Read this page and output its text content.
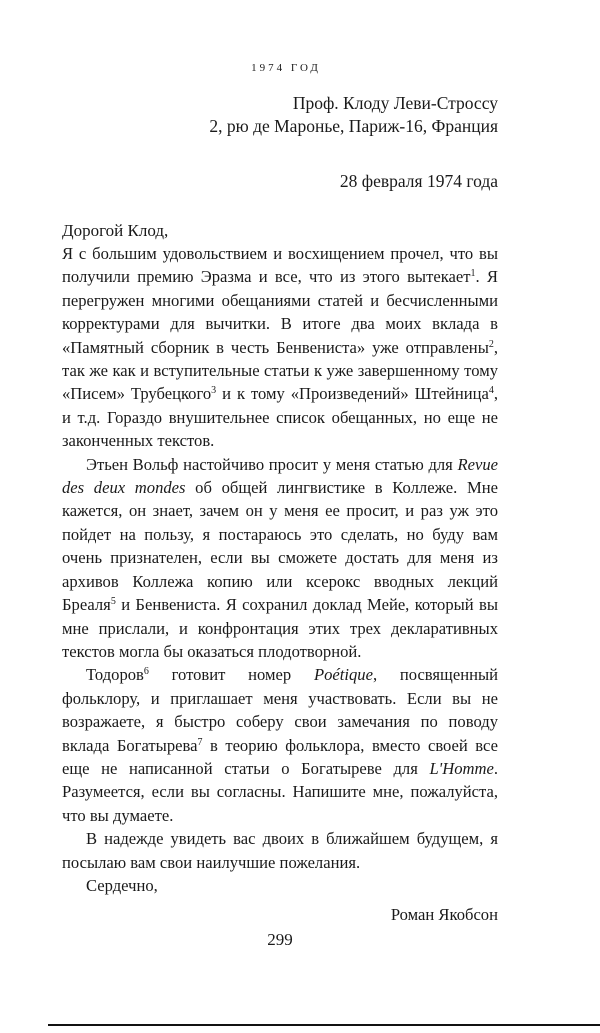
1974 ГОД
Проф. Клоду Леви-Строссу
2, рю де Маронье, Париж-16, Франция
28 февраля 1974 года
Дорогой Клод,

Я с большим удовольствием и восхищением прочел, что вы получили премию Эразма и все, что из этого вытекает$^1$. Я перегружен многими обещаниями статей и бесчисленными корректурами для вычитки. В итоге два моих вклада в «Памятный сборник в честь Бенвениста» уже отправлены$^2$, так же как и вступительные статьи к уже завершенному тому «Писем» Трубецкого$^3$ и к тому «Произведений» Штейница$^4$, и т.д. Гораздо внушительнее список обещанных, но еще не законченных текстов.

Этьен Вольф настойчиво просит у меня статью для Revue des deux mondes об общей лингвистике в Коллеже. Мне кажется, он знает, зачем он у меня ее просит, и раз уж это пойдет на пользу, я постараюсь это сделать, но буду вам очень признателен, если вы сможете достать для меня из архивов Коллежа копию или ксерокс вводных лекций Бреаля$^5$ и Бенвениста. Я сохранил доклад Мейе, который вы мне прислали, и конфронтация этих трех декларативных текстов могла бы оказаться плодотворной.

Тодоров$^6$ готовит номер Poétique, посвященный фольклору, и приглашает меня участвовать. Если вы не возражаете, я быстро соберу свои замечания по поводу вклада Богатырева$^7$ в теорию фольклора, вместо своей все еще не написанной статьи о Богатыреве для L'Homme. Разумеется, если вы согласны. Напишите мне, пожалуйста, что вы думаете.

В надежде увидеть вас двоих в ближайшем будущем, я посылаю вам свои наилучшие пожелания.

Сердечно,
Роман Якобсон
299
